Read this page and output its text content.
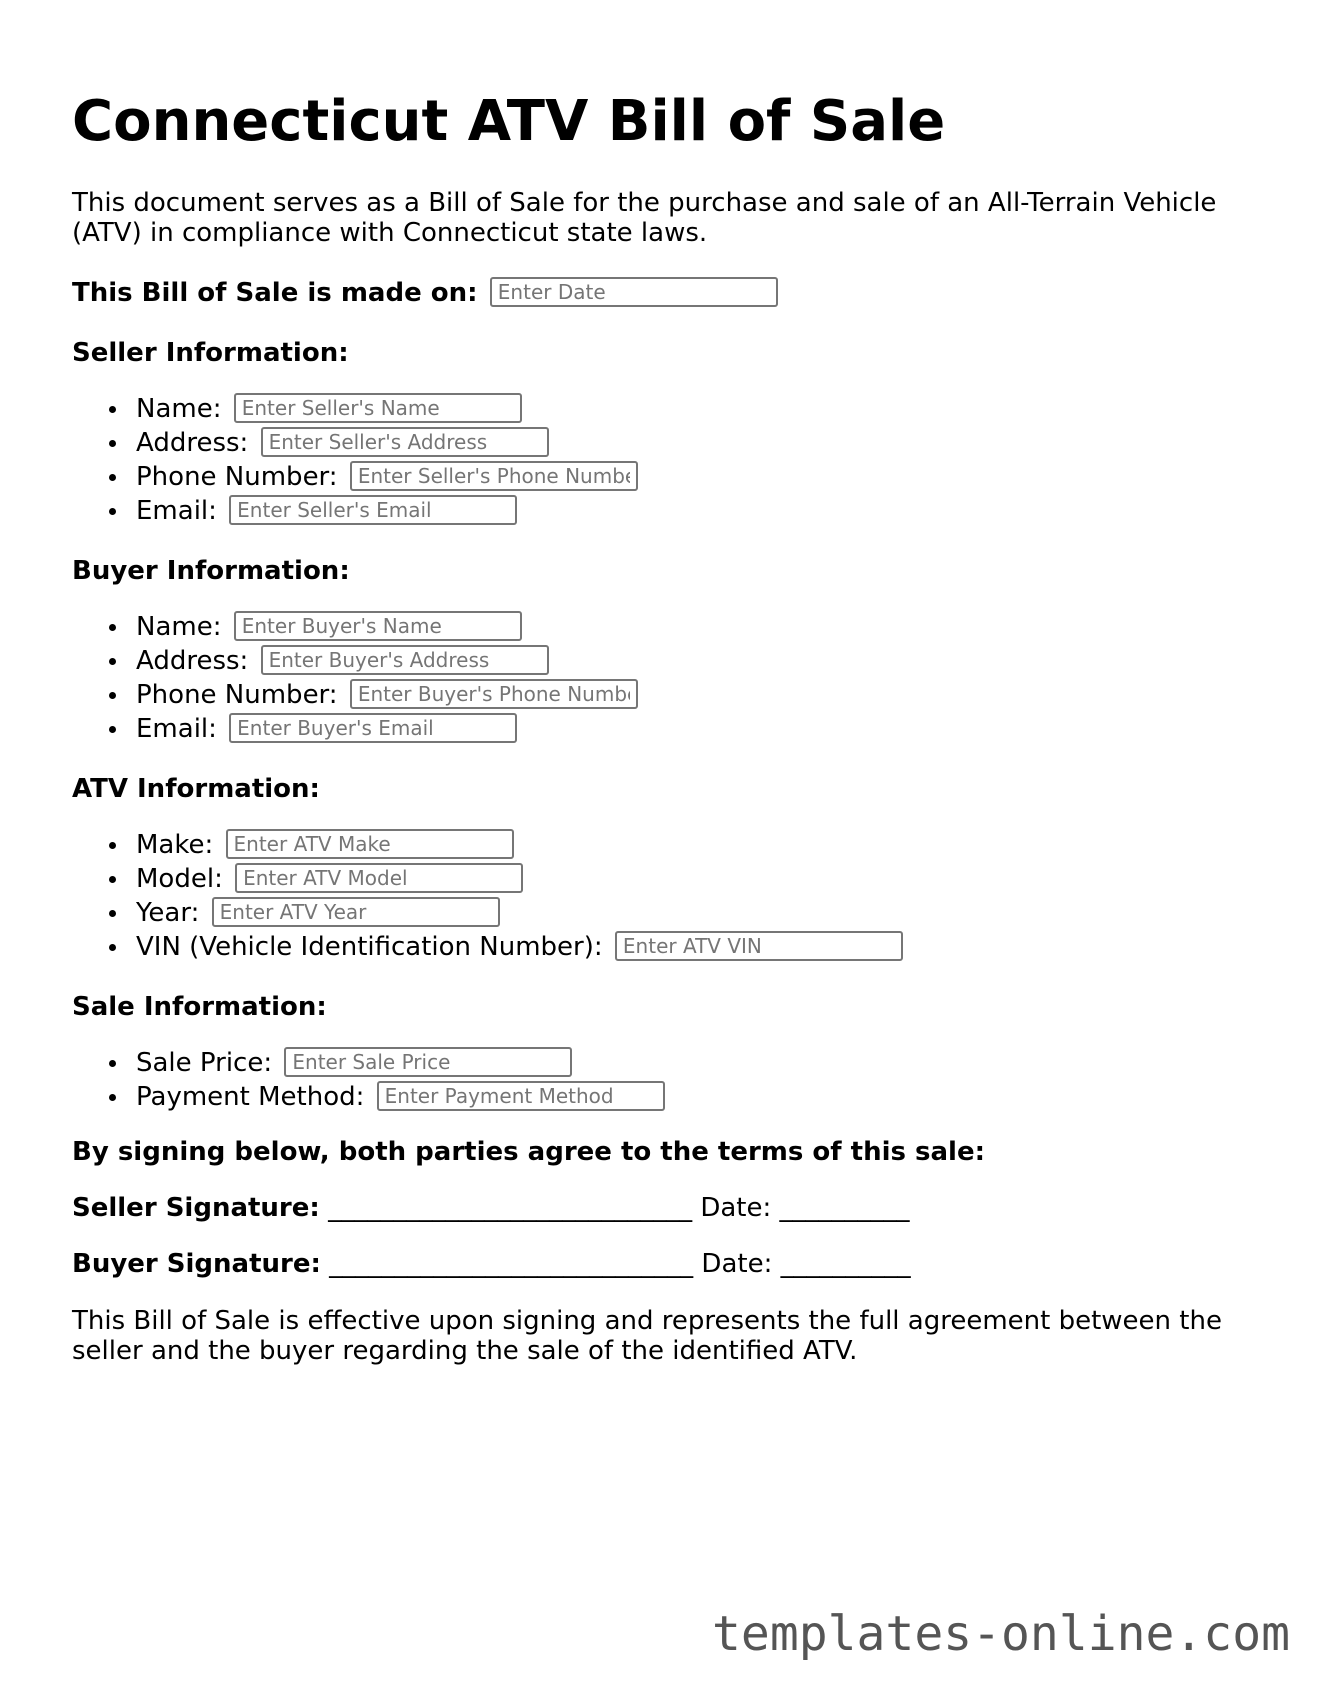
Connecticut ATV Bill of Sale

This document serves as a Bill of Sale for the purchase and sale of an All-Terrain Vehicle (ATV) in compliance with Connecticut state laws.

This Bill of Sale is made on: Enter Date
Seller Information:
Name: Enter Seller's Name
Address: Enter Seller's Address
Phone Number: Enter Seller's Phone Number
Email: Enter Seller's Email
Buyer Information:
Name: Enter Buyer's Name
Address: Enter Buyer's Address
Phone Number: Enter Buyer's Phone Number
Email: Enter Buyer's Email
ATV Information:
Make: Enter ATV Make
Model: Enter ATV Model
Year: Enter ATV Year
VIN (Vehicle Identification Number): Enter ATV VIN
Sale Information:
Sale Price: Enter Sale Price
Payment Method: Enter Payment Method
By signing below, both parties agree to the terms of this sale:
Seller Signature: ____________________________ Date: __________
Buyer Signature: ____________________________ Date: __________

This Bill of Sale is effective upon signing and represents the full agreement between the seller and the buyer regarding the sale of the identified ATV.

templates-online.com
